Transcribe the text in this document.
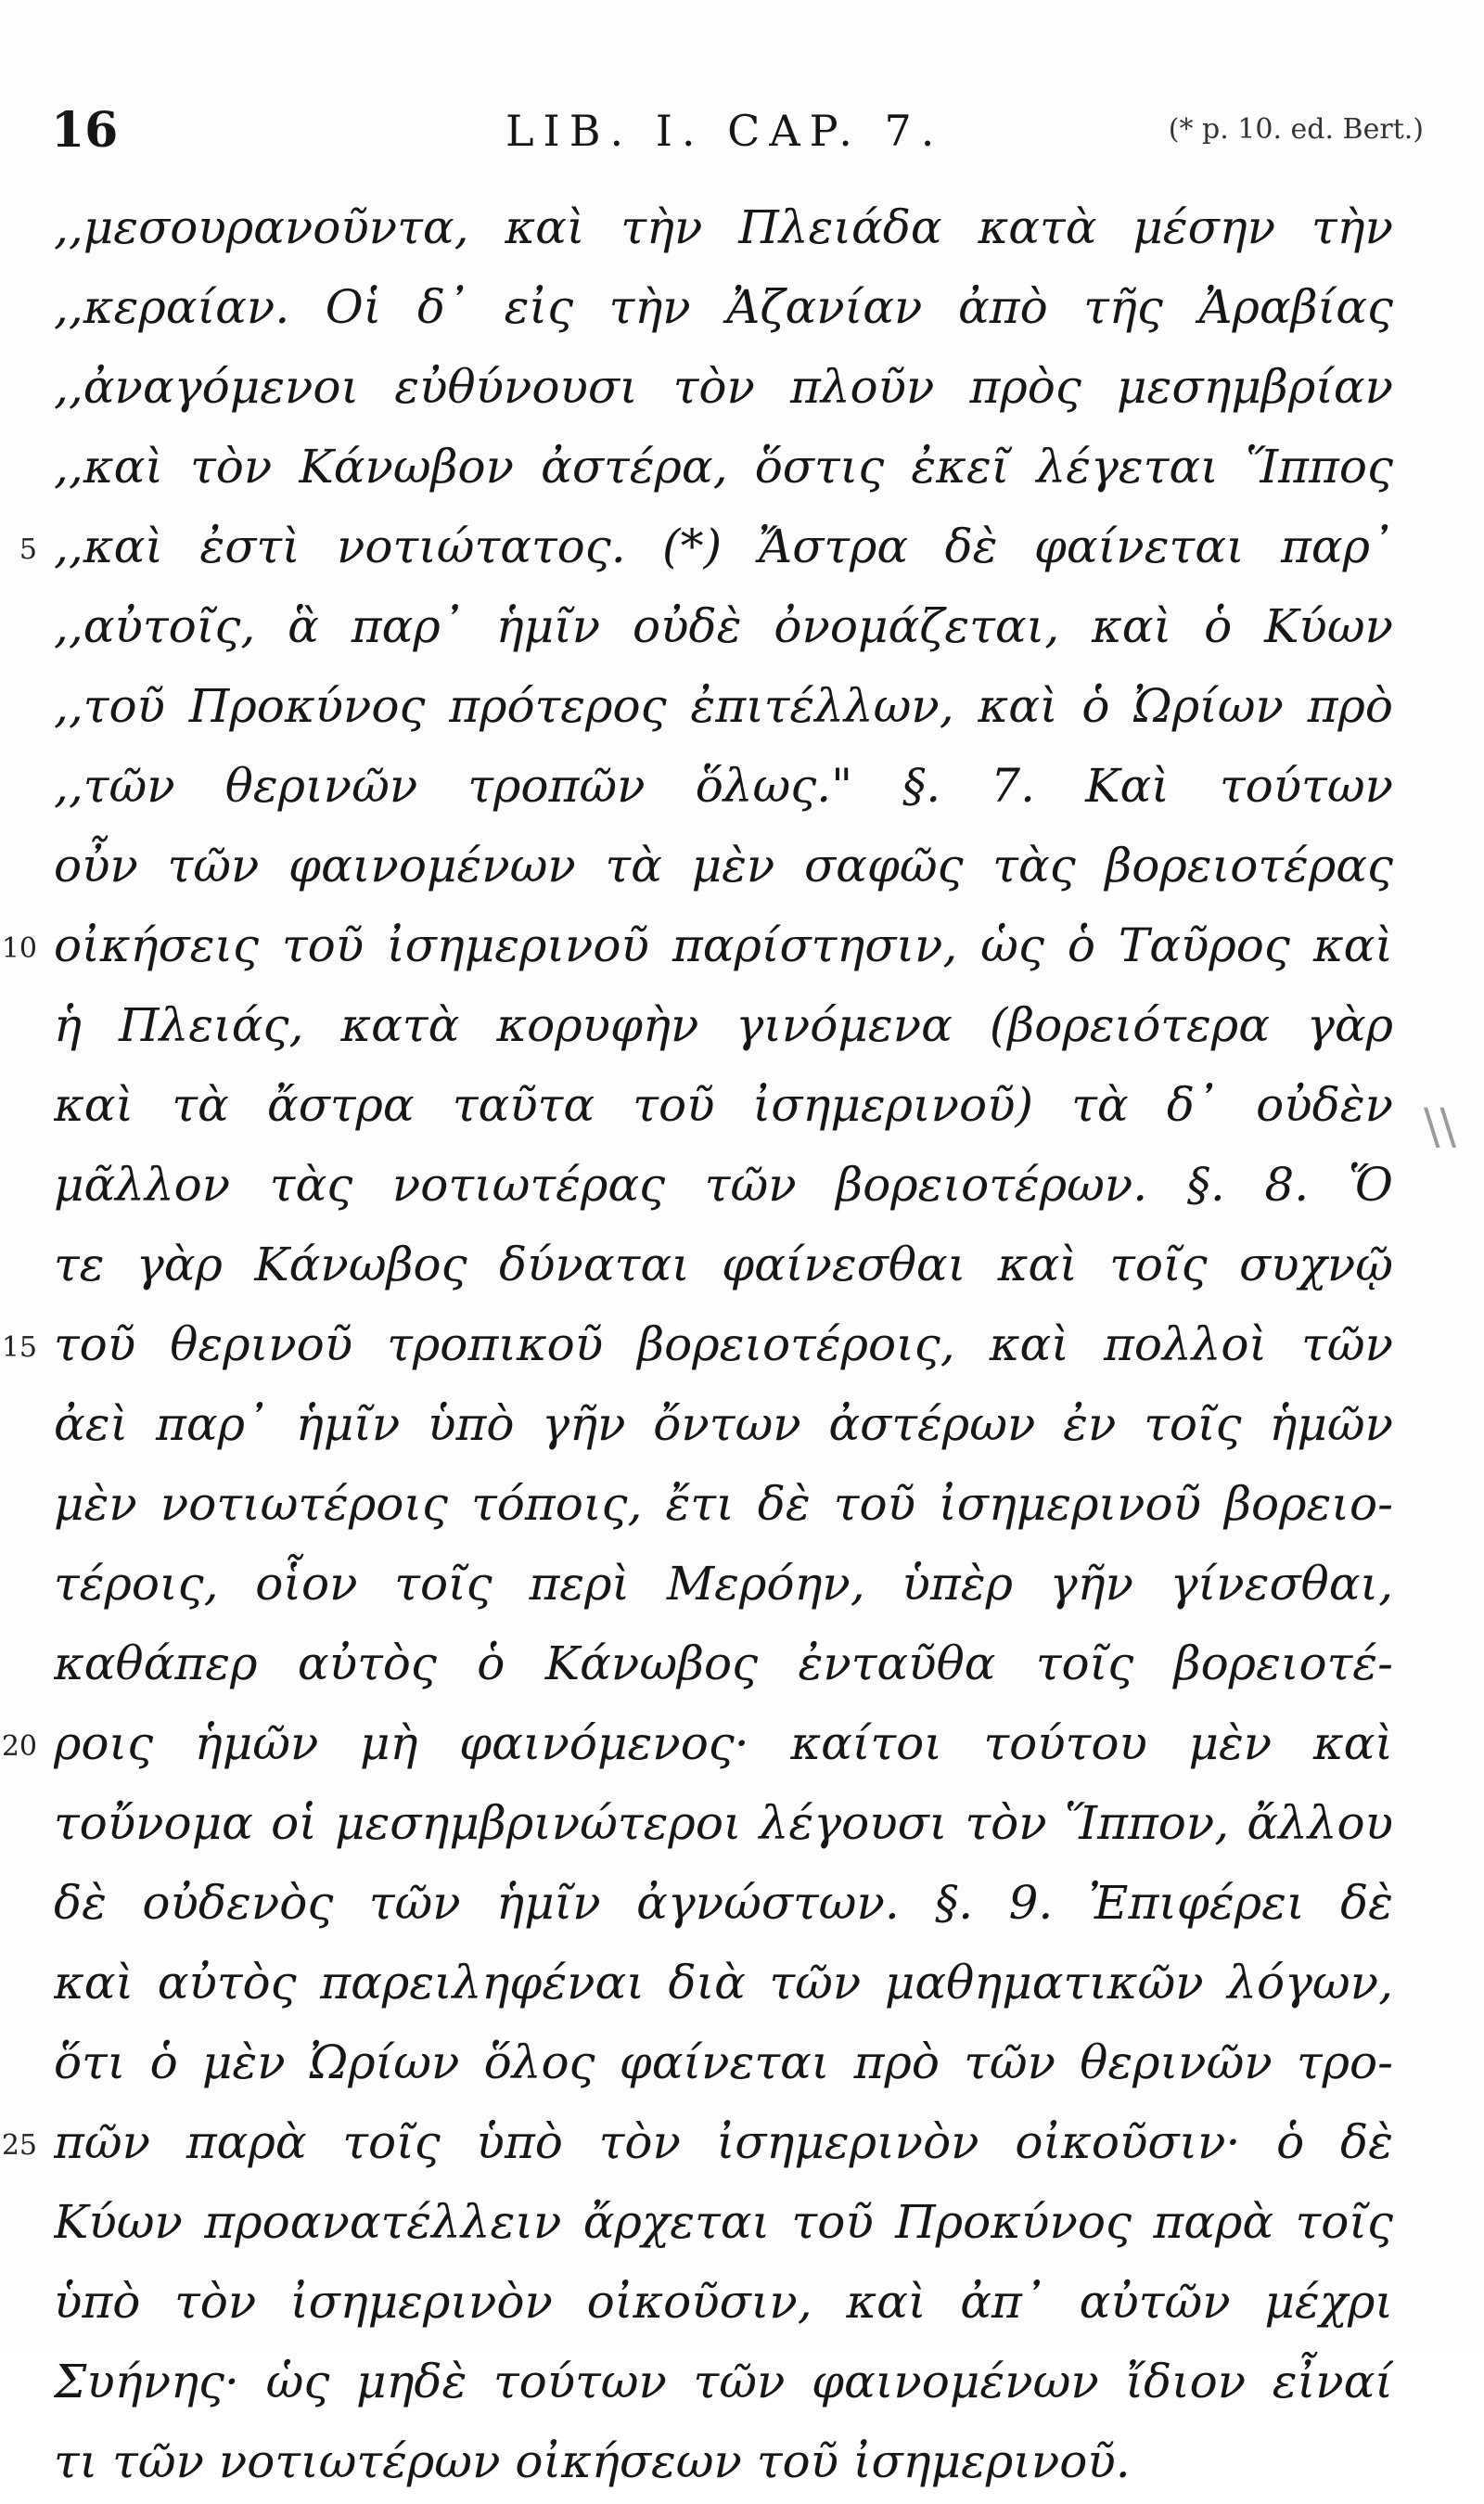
16	LIB. I. CAP. 7.	(* p. 10. ed. Bert.)
,,μεσουρανοῦντα, καὶ τὴν Πλειάδα κατὰ μέσην τὴν
,,κεραίαν. Οἱ δ᾽ εἰς τὴν Ἀζανίαν ἀπὸ τῆς Ἀραβίας
,,ἀναγόμενοι εὐθύνουσι τὸν πλοῦν πρὸς μεσημβρίαν
,,καὶ τὸν Κάνωβον ἀστέρα, ὅστις ἐκεῖ λέγεται Ἵππος
5 ,,καὶ ἐστὶ νοτιώτατος. (*) Ἄστρα δὲ φαίνεται παρ᾽
,,αὐτοῖς, ἃ παρ᾽ ἡμῖν οὐδὲ ὀνομάζεται, καὶ ὁ Κύων
,,τοῦ Προκύνος πρότερος ἐπιτέλλων, καὶ ὁ Ὠρίων πρὸ
,,τῶν θερινῶν τροπῶν ὅλως." §. 7. Καὶ τούτων
οὖν τῶν φαινομένων τὰ μὲν σαφῶς τὰς βορειοτέρας
10 οἰκήσεις τοῦ ἰσημερινοῦ παρίστησιν, ὡς ὁ Ταῦρος καὶ
ἡ Πλειάς, κατὰ κορυφὴν γινόμενα (βορειότερα γὰρ
καὶ τὰ ἄστρα ταῦτα τοῦ ἰσημερινοῦ) τὰ δ᾽ οὐδὲν
μᾶλλον τὰς νοτιωτέρας τῶν βορειοτέρων. §. 8. Ὅ
τε γὰρ Κάνωβος δύναται φαίνεσθαι καὶ τοῖς συχνῷ
15 τοῦ θερινοῦ τροπικοῦ βορειοτέροις, καὶ πολλοὶ τῶν
ἀεὶ παρ᾽ ἡμῖν ὑπὸ γῆν ὄντων ἀστέρων ἐν τοῖς ἡμῶν
μὲν νοτιωτέροις τόποις, ἔτι δὲ τοῦ ἰσημερινοῦ βορειο-
τέροις, οἷον τοῖς περὶ Μερόην, ὑπὲρ γῆν γίνεσθαι,
καθάπερ αὐτὸς ὁ Κάνωβος ἐνταῦθα τοῖς βορειοτέ-
20 ροις ἡμῶν μὴ φαινόμενος· καίτοι τούτου μὲν καὶ
τοὔνομα οἱ μεσημβρινώτεροι λέγουσι τὸν Ἵππον, ἄλλου
δὲ οὐδενὸς τῶν ἡμῖν ἀγνώστων. §. 9. Ἐπιφέρει δὲ
καὶ αὐτὸς παρειληφέναι διὰ τῶν μαθηματικῶν λόγων,
ὅτι ὁ μὲν Ὠρίων ὅλος φαίνεται πρὸ τῶν θερινῶν τρο-
25 πῶν παρὰ τοῖς ὑπὸ τὸν ἰσημερινὸν οἰκοῦσιν· ὁ δὲ
Κύων προανατέλλειν ἄρχεται τοῦ Προκύνος παρὰ τοῖς
ὑπὸ τὸν ἰσημερινὸν οἰκοῦσιν, καὶ ἀπ᾽ αὐτῶν μέχρι
Συήνης· ὡς μηδὲ τούτων τῶν φαινομένων ἴδιον εἶναί
τι τῶν νοτιωτέρων οἰκήσεων τοῦ ἰσημερινοῦ.
\\
